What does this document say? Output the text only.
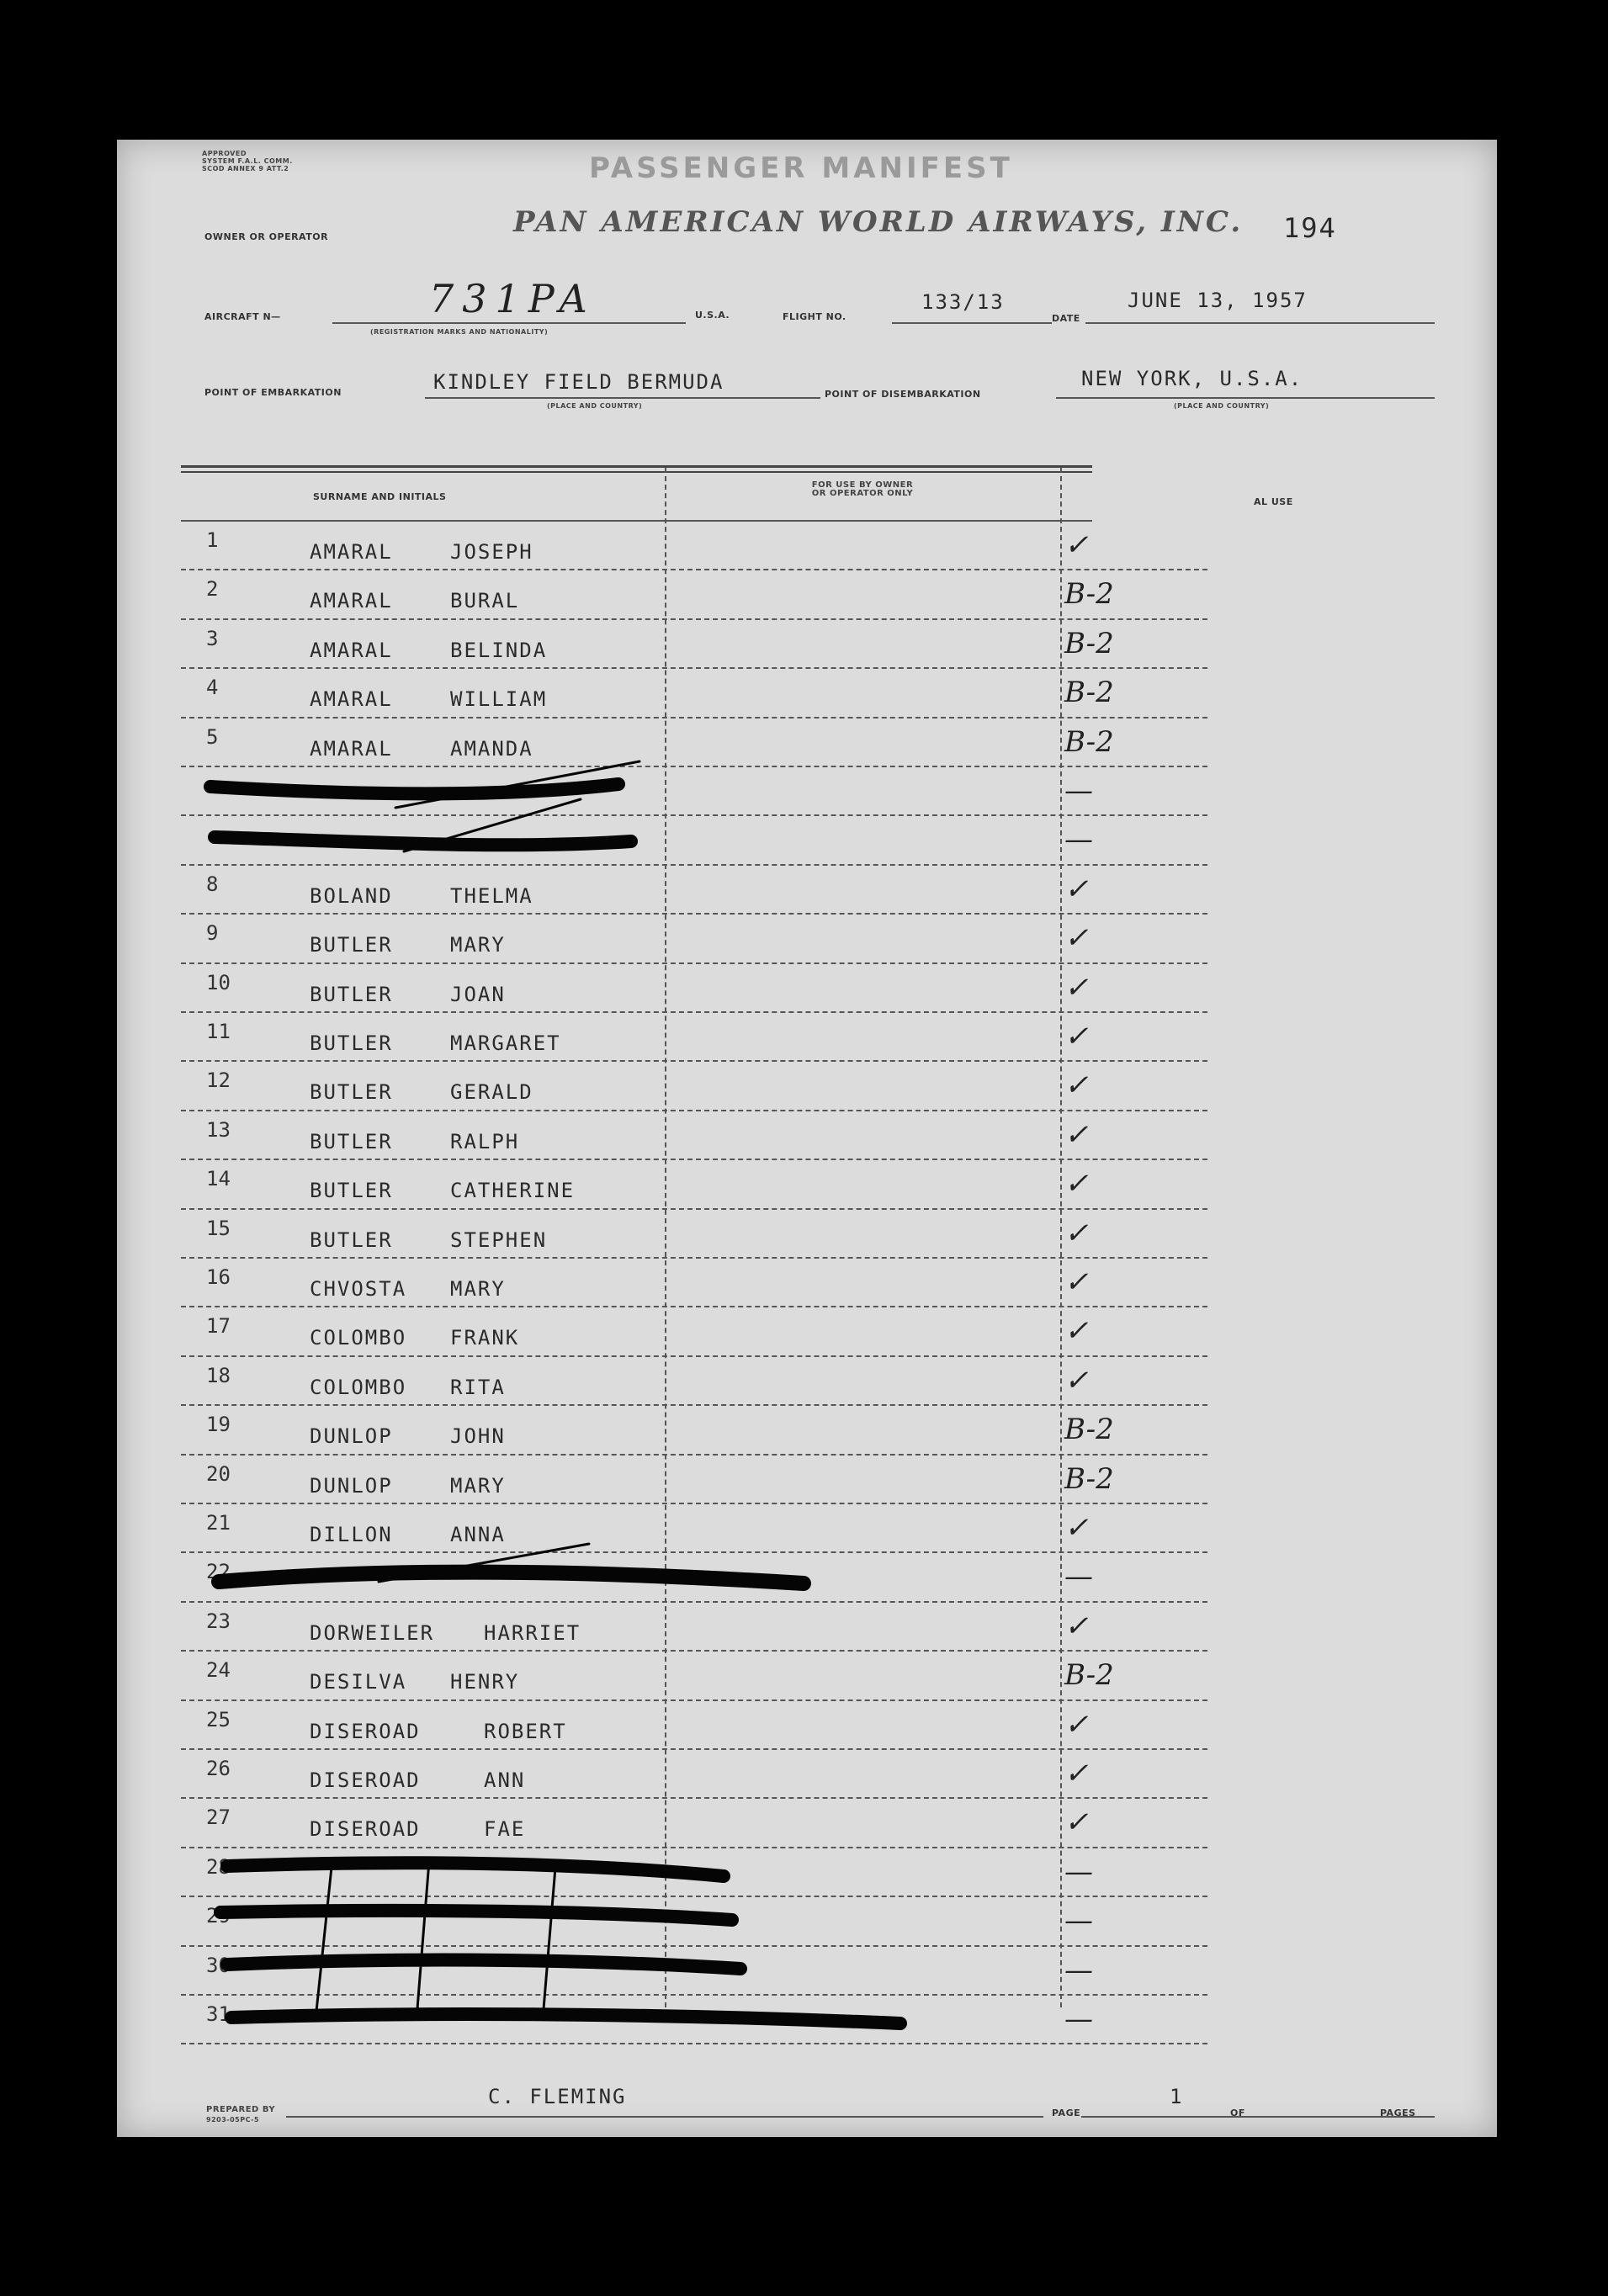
APPROVED
SYSTEM F.A.L. COMM.
SCOD ANNEX 9 ATT.2	PASSENGER MANIFEST
OWNER OR OPERATOR	PAN AMERICAN WORLD AIRWAYS, INC. 194
AIRCRAFT N—	731PA
(REGISTRATION MARKS AND NATIONALITY)
U.S.A.	FLIGHT NO.
133/13
DATE
JUNE 13, 1957
POINT OF EMBARKATION	KINDLEY FIELD BERMUDA
(PLACE AND COUNTRY)
POINT OF DISEMBARKATION
NEW YORK, U.S.A.
(PLACE AND COUNTRY)
SURNAME AND INITIALS
FOR USE BY OWNER
OR OPERATOR ONLY
AL USE
1	AMARAL	JOSEPH	✓
2	AMARAL	BURAL	B-2
3	AMARAL	BELINDA	B-2
4	AMARAL	WILLIAM	B-2
5	AMARAL	AMANDA	B-2
—
—
8	BOLAND	THELMA	✓
9	BUTLER	MARY	✓
10	BUTLER	JOAN	✓
11	BUTLER	MARGARET	✓
12	BUTLER	GERALD	✓
13	BUTLER	RALPH	✓
14	BUTLER	CATHERINE	✓
15	BUTLER	STEPHEN	✓
16	CHVOSTA MARY	✓
17	COLOMBO FRANK	✓
18	COLOMBO RITA	✓
19	DUNLOP	JOHN	B-2
20	DUNLOP	MARY	B-2
21	DILLON	ANNA	✓
22	—
23	DORWEILER HARRIET	✓
24	DESILVA HENRY	B-2
25	DISEROAD	ROBERT	✓
26	DISEROAD	ANN	✓
27	DISEROAD	FAE	✓
28	—
29	—
30	—
31	—
PREPARED BY
9203-05PC-5
C. FLEMING
PAGE
1
OF	PAGES
